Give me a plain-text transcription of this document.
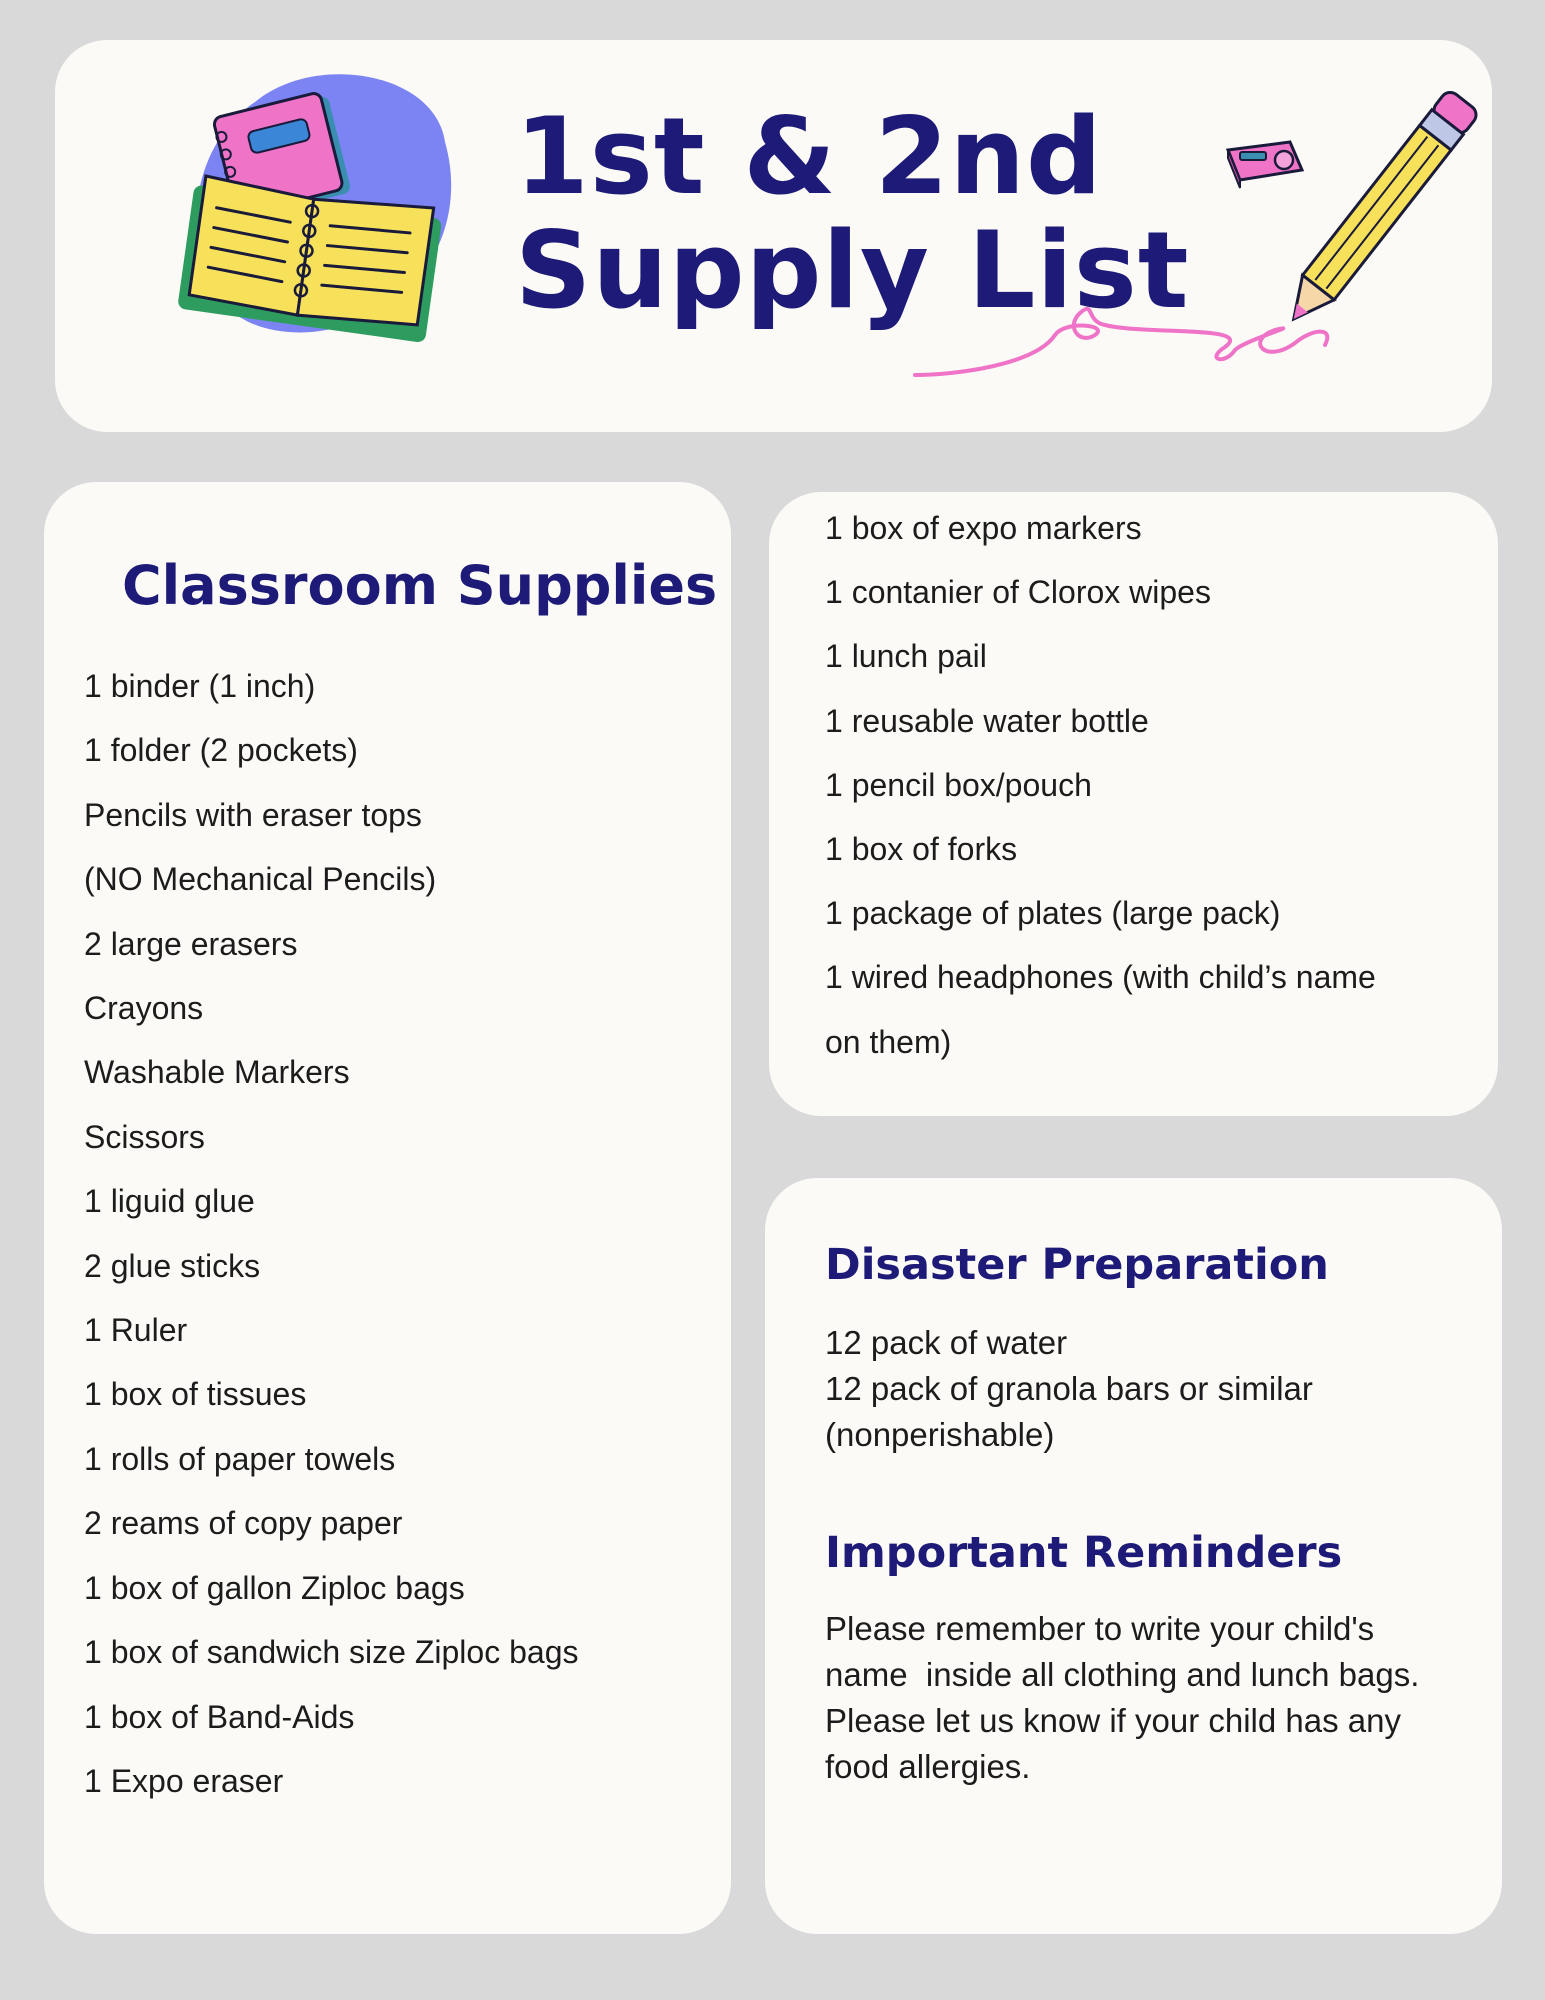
1st & 2nd
Supply List
Classroom Supplies
1 binder (1 inch)
1 folder (2 pockets)
Pencils with eraser tops
(NO Mechanical Pencils)
2 large erasers
Crayons
Washable Markers
Scissors
1 liguid glue
2 glue sticks
1 Ruler
1 box of tissues
1 rolls of paper towels
2 reams of copy paper
1 box of gallon Ziploc bags
1 box of sandwich size Ziploc bags
1 box of Band-Aids
1 Expo eraser
1 box of expo markers
1 contanier of Clorox wipes
1 lunch pail
1 reusable water bottle
1 pencil box/pouch
1 box of forks
1 package of plates (large pack)
1 wired headphones (with child’s name
on them)
Disaster Preparation

12 pack of water
12 pack of granola bars or similar
(nonperishable)

Important Reminders

Please remember to write your child's
name  inside all clothing and lunch bags.

Please let us know if your child has any
food allergies.
